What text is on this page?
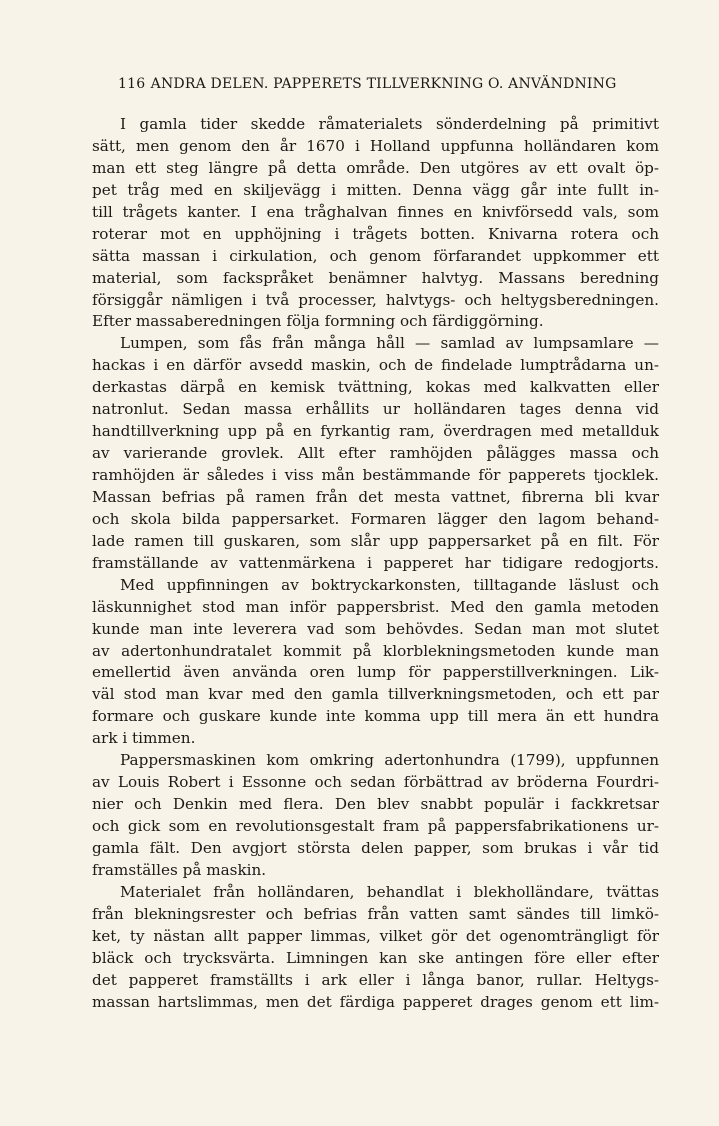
116 ANDRA DELEN. PAPPERETS TILLVERKNING O. ANVÄNDNING
I gamla tider skedde råmaterialets sönderdelning på primitivt
sätt, men genom den år 1670 i Holland uppfunna holländaren kom
man ett steg längre på detta område. Den utgöres av ett ovalt öp-
pet tråg med en skiljevägg i mitten. Denna vägg går inte fullt in-
till trågets kanter. I ena tråghalvan finnes en knivförsedd vals, som
roterar mot en upphöjning i trågets botten. Knivarna rotera och
sätta massan i cirkulation, och genom förfarandet uppkommer ett
material, som fackspråket benämner halvtyg. Massans beredning
försiggår nämligen i två processer, halvtygs- och heltygsberedningen.
Efter massaberedningen följa formning och färdiggörning.
Lumpen, som fås från många håll — samlad av lumpsamlare —
hackas i en därför avsedd maskin, och de findelade lumptrådarna un-
derkastas därpå en kemisk tvättning, kokas med kalkvatten eller
natronlut. Sedan massa erhållits ur holländaren tages denna vid
handtillverkning upp på en fyrkantig ram, överdragen med metallduk
av varierande grovlek. Allt efter ramhöjden pålägges massa och
ramhöjden är således i viss mån bestämmande för papperets tjocklek.
Massan befrias på ramen från det mesta vattnet, fibrerna bli kvar
och skola bilda pappersarket. Formaren lägger den lagom behand-
lade ramen till guskaren, som slår upp pappersarket på en filt. För
framställande av vattenmärkena i papperet har tidigare redogjorts.
Med uppfinningen av boktryckarkonsten, tilltagande läslust och
läskunnighet stod man inför pappersbrist. Med den gamla metoden
kunde man inte leverera vad som behövdes. Sedan man mot slutet
av adertonhundratalet kommit på klorblekningsmetoden kunde man
emellertid även använda oren lump för papperstillverkningen. Lik-
väl stod man kvar med den gamla tillverkningsmetoden, och ett par
formare och guskare kunde inte komma upp till mera än ett hundra
ark i timmen.
Pappersmaskinen kom omkring adertonhundra (1799), uppfunnen
av Louis Robert i Essonne och sedan förbättrad av bröderna Fourdri-
nier och Denkin med flera. Den blev snabbt populär i fackkretsar
och gick som en revolutionsgestalt fram på pappersfabrikationens ur-
gamla fält. Den avgjort största delen papper, som brukas i vår tid
framställes på maskin.
Materialet från holländaren, behandlat i blekholländare, tvättas
från blekningsrester och befrias från vatten samt sändes till limkö-
ket, ty nästan allt papper limmas, vilket gör det ogenomträngligt för
bläck och trycksvärta. Limningen kan ske antingen före eller efter
det papperet framställts i ark eller i långa banor, rullar. Heltygs-
massan hartslimmas, men det färdiga papperet drages genom ett lim-
